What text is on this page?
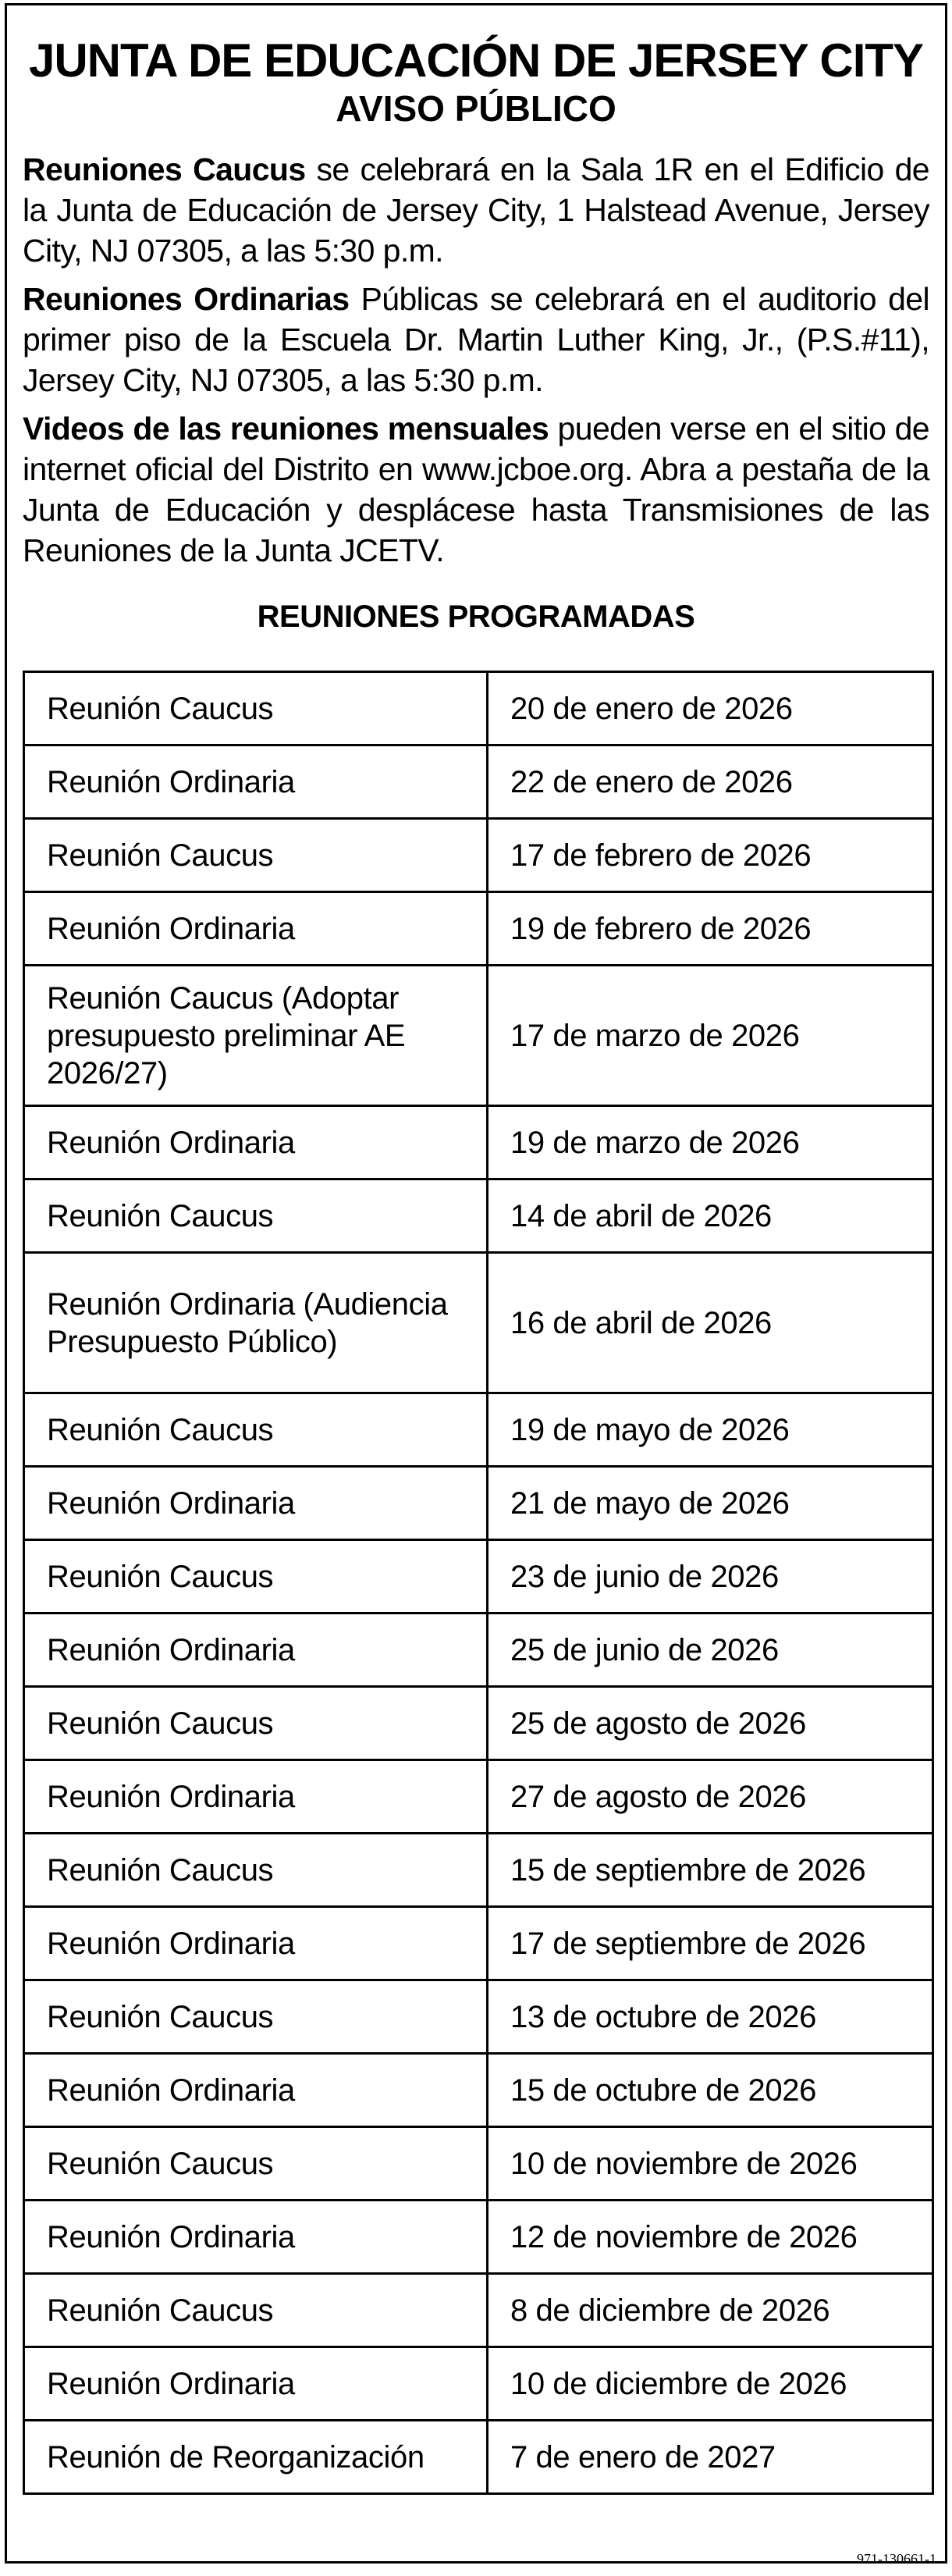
JUNTA DE EDUCACIÓN DE JERSEY CITY
AVISO PÚBLICO

Reuniones Caucus se celebrará en la Sala 1R en el Edificio de la Junta de Educación de Jersey City, 1 Halstead Avenue, Jersey City, NJ 07305, a las 5:30 p.m.

Reuniones Ordinarias Públicas se celebrará en el auditorio del primer piso de la Escuela Dr. Martin Luther King, Jr., (P.S.#11), Jersey City, NJ 07305, a las 5:30 p.m.

Videos de las reuniones mensuales pueden verse en el sitio de internet oficial del Distrito en www.jcboe.org. Abra a pestaña de la Junta de Educación y desplácese hasta Transmisiones de las Reuniones de la Junta JCETV.

REUNIONES PROGRAMADAS
Reunión Caucus	20 de enero de 2026
Reunión Ordinaria	22 de enero de 2026
Reunión Caucus	17 de febrero de 2026
Reunión Ordinaria	19 de febrero de 2026
Reunión Caucus (Adoptar presupuesto preliminar AE 2026/27)	17 de marzo de 2026
Reunión Ordinaria	19 de marzo de 2026
Reunión Caucus	14 de abril de 2026
Reunión Ordinaria (Audiencia Presupuesto Público)	16 de abril de 2026
Reunión Caucus	19 de mayo de 2026
Reunión Ordinaria	21 de mayo de 2026
Reunión Caucus	23 de junio de 2026
Reunión Ordinaria	25 de junio de 2026
Reunión Caucus	25 de agosto de 2026
Reunión Ordinaria	27 de agosto de 2026
Reunión Caucus	15 de septiembre de 2026
Reunión Ordinaria	17 de septiembre de 2026
Reunión Caucus	13 de octubre de 2026
Reunión Ordinaria	15 de octubre de 2026
Reunión Caucus	10 de noviembre de 2026
Reunión Ordinaria	12 de noviembre de 2026
Reunión Caucus	8 de diciembre de 2026
Reunión Ordinaria	10 de diciembre de 2026
Reunión de Reorganización	7 de enero de 2027
971-130661-1
